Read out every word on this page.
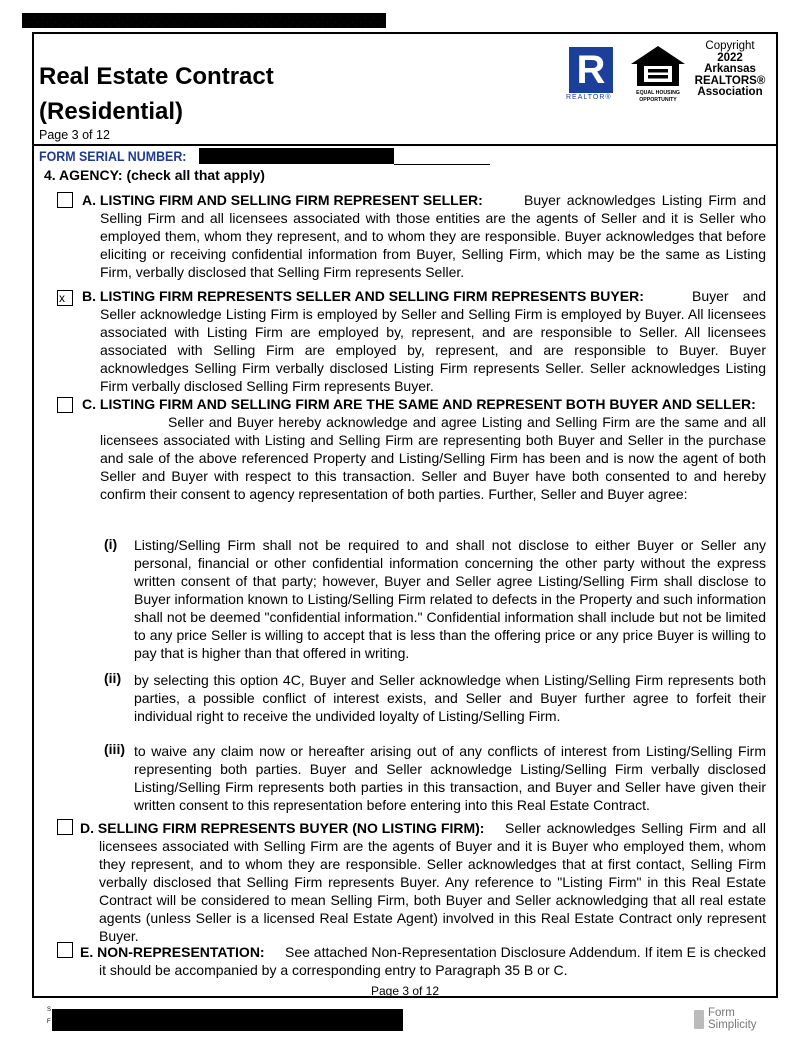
Real Estate Contract
(Residential)
Page 3 of 12
R
REALTOR®
EQUAL HOUSING OPPORTUNITY
Copyright
2022
Arkansas
REALTORS®
Association
FORM SERIAL NUMBER:
4. AGENCY: (check all that apply)
A. LISTING FIRM AND SELLING FIRM REPRESENT SELLER:	Buyer acknowledges Listing Firm and Selling Firm and all licensees associated with those entities are the agents of Seller and it is Seller who employed them, whom they represent, and to whom they are responsible. Buyer acknowledges that before eliciting or receiving confidential information from Buyer, Selling Firm, which may be the same as Listing Firm, verbally disclosed that Selling Firm represents Seller.
x	B. LISTING FIRM REPRESENTS SELLER AND SELLING FIRM REPRESENTS BUYER:	Buyer and Seller acknowledge Listing Firm is employed by Seller and Selling Firm is employed by Buyer. All licensees associated with Listing Firm are employed by, represent, and are responsible to Seller. All licensees associated with Selling Firm are employed by, represent, and are responsible to Buyer. Buyer acknowledges Selling Firm verbally disclosed Listing Firm represents Seller. Seller acknowledges Listing Firm verbally disclosed Selling Firm represents Buyer.
C. LISTING FIRM AND SELLING FIRM ARE THE SAME AND REPRESENT BOTH BUYER AND SELLER:
Seller and Buyer hereby acknowledge and agree Listing and Selling Firm are the same and all licensees associated with Listing and Selling Firm are representing both Buyer and Seller in the purchase and sale of the above referenced Property and Listing/Selling Firm has been and is now the agent of both Seller and Buyer with respect to this transaction. Seller and Buyer have both consented to and hereby confirm their consent to agency representation of both parties. Further, Seller and Buyer agree:
(i) Listing/Selling Firm shall not be required to and shall not disclose to either Buyer or Seller any personal, financial or other confidential information concerning the other party without the express written consent of that party; however, Buyer and Seller agree Listing/Selling Firm shall disclose to Buyer information known to Listing/Selling Firm related to defects in the Property and such information shall not be deemed "confidential information." Confidential information shall include but not be limited to any price Seller is willing to accept that is less than the offering price or any price Buyer is willing to pay that is higher than that offered in writing.
(ii) by selecting this option 4C, Buyer and Seller acknowledge when Listing/Selling Firm represents both parties, a possible conflict of interest exists, and Seller and Buyer further agree to forfeit their individual right to receive the undivided loyalty of Listing/Selling Firm.
(iii) to waive any claim now or hereafter arising out of any conflicts of interest from Listing/Selling Firm representing both parties. Buyer and Seller acknowledge Listing/Selling Firm verbally disclosed Listing/Selling Firm represents both parties in this transaction, and Buyer and Seller have given their written consent to this representation before entering into this Real Estate Contract.
D. SELLING FIRM REPRESENTS BUYER (NO LISTING FIRM):	Seller acknowledges Selling Firm and all licensees associated with Selling Firm are the agents of Buyer and it is Buyer who employed them, whom they represent, and to whom they are responsible. Seller acknowledges that at first contact, Selling Firm verbally disclosed that Selling Firm represents Buyer. Any reference to "Listing Firm" in this Real Estate Contract will be considered to mean Selling Firm, both Buyer and Seller acknowledging that all real estate agents (unless Seller is a licensed Real Estate Agent) involved in this Real Estate Contract only represent Buyer.
E. NON-REPRESENTATION:	See attached Non-Representation Disclosure Addendum. If item E is checked it should be accompanied by a corresponding entry to Paragraph 35 B or C.
Page 3 of 12
S
F
Form
Simplicity
